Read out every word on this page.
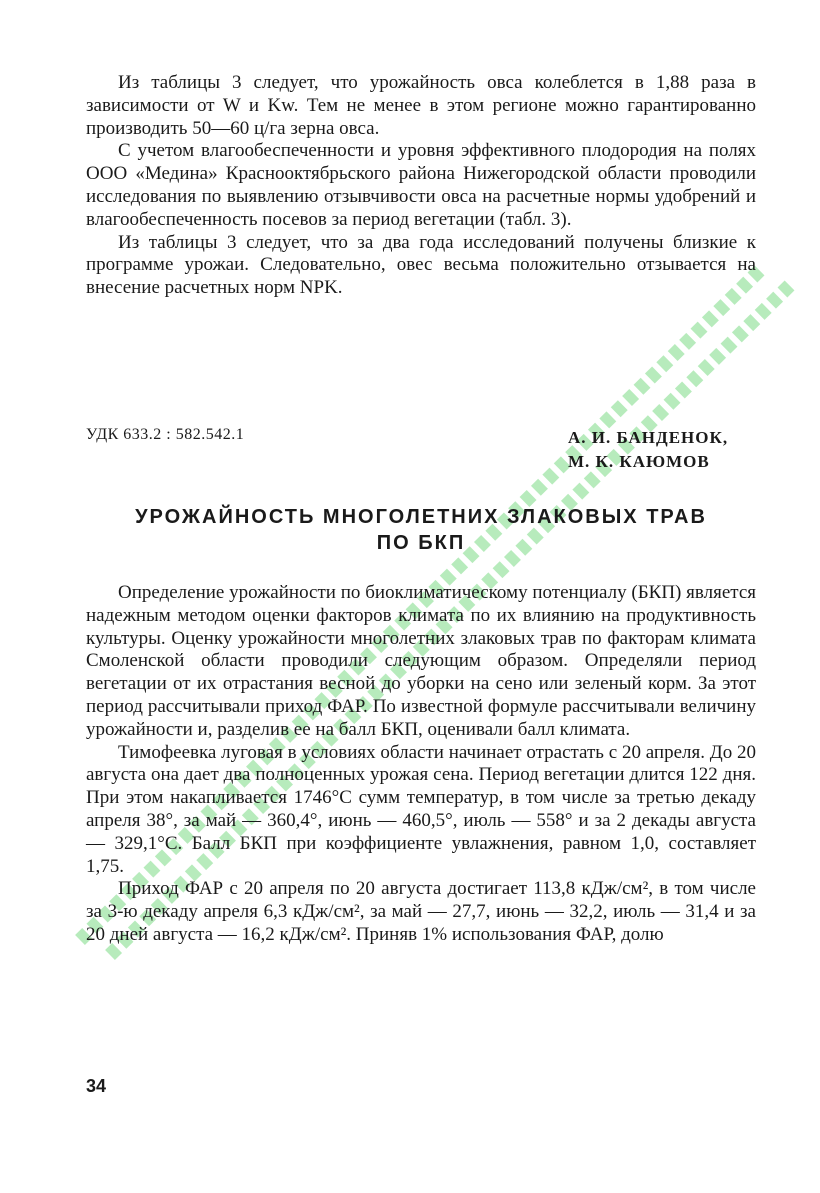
Из таблицы 3 следует, что урожайность овса колеблется в 1,88 раза в зависимости от W и Kw. Тем не менее в этом регионе можно гарантированно производить 50—60 ц/га зерна овса.

С учетом влагообеспеченности и уровня эффективного плодородия на полях ООО «Медина» Краснооктябрьского района Нижегородской области проводили исследования по выявлению отзывчивости овса на расчетные нормы удобрений и влагообеспеченность посевов за период вегетации (табл. 3).

Из таблицы 3 следует, что за два года исследований получены близкие к программе урожаи. Следовательно, овес весьма положительно отзывается на внесение расчетных норм NPK.

УДК 633.2 : 582.542.1	А. И. БАНДЕНОК,
М. К. КАЮМОВ
УРОЖАЙНОСТЬ МНОГОЛЕТНИХ ЗЛАКОВЫХ ТРАВ
ПО БКП

Определение урожайности по биоклиматическому потенциалу (БКП) является надежным методом оценки факторов климата по их влиянию на продуктивность культуры. Оценку урожайности многолетних злаковых трав по факторам климата Смоленской области проводили следующим образом. Определяли период вегетации от их отрастания весной до уборки на сено или зеленый корм. За этот период рассчитывали приход ФАР. По известной формуле рассчитывали величину урожайности и, разделив ее на балл БКП, оценивали балл климата.

Тимофеевка луговая в условиях области начинает отрастать с 20 апреля. До 20 августа она дает два полноценных урожая сена. Период вегетации длится 122 дня. При этом накапливается 1746°С сумм температур, в том числе за третью декаду апреля 38°, за май — 360,4°, июнь — 460,5°, июль — 558° и за 2 декады августа — 329,1°С. Балл БКП при коэффициенте увлажнения, равном 1,0, составляет 1,75.

Приход ФАР с 20 апреля по 20 августа достигает 113,8 кДж/см², в том числе за 3-ю декаду апреля 6,3 кДж/см², за май — 27,7, июнь — 32,2, июль — 31,4 и за 20 дней августа — 16,2 кДж/см². Приняв 1% использования ФАР, долю

34
